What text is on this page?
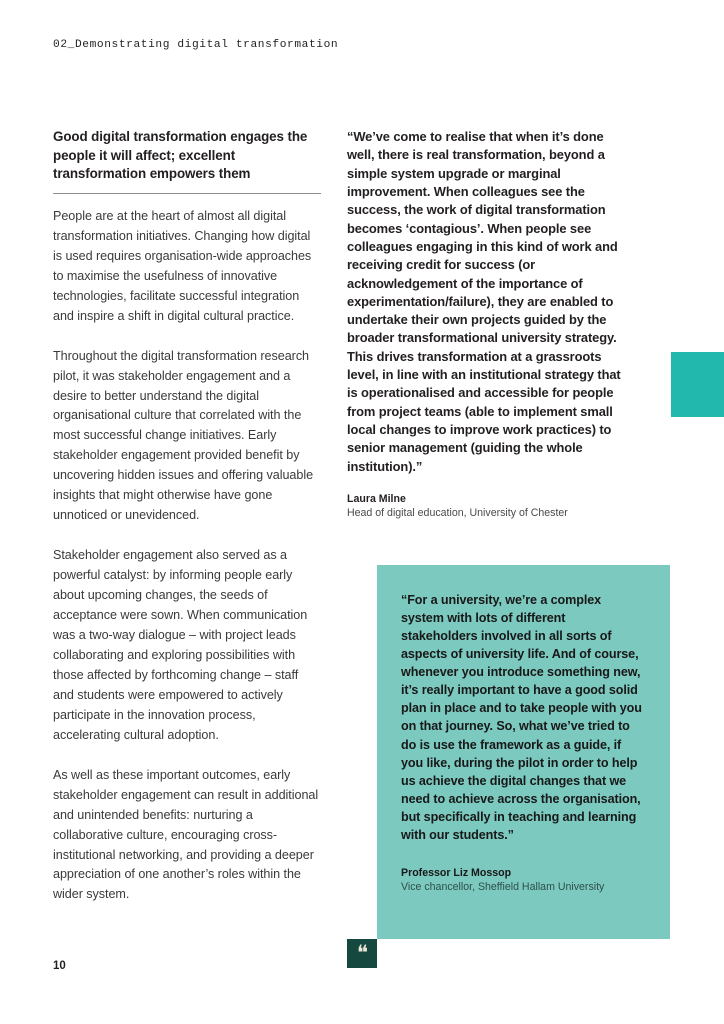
02_Demonstrating digital transformation
Good digital transformation engages the people it will affect; excellent transformation empowers them

People are at the heart of almost all digital transformation initiatives. Changing how digital is used requires organisation-wide approaches to maximise the usefulness of innovative technologies, facilitate successful integration and inspire a shift in digital cultural practice.

Throughout the digital transformation research pilot, it was stakeholder engagement and a desire to better understand the digital organisational culture that correlated with the most successful change initiatives. Early stakeholder engagement provided benefit by uncovering hidden issues and offering valuable insights that might otherwise have gone unnoticed or unevidenced.

Stakeholder engagement also served as a powerful catalyst: by informing people early about upcoming changes, the seeds of acceptance were sown. When communication was a two-way dialogue – with project leads collaborating and exploring possibilities with those affected by forthcoming change – staff and students were empowered to actively participate in the innovation process, accelerating cultural adoption.

As well as these important outcomes, early stakeholder engagement can result in additional and unintended benefits: nurturing a collaborative culture, encouraging cross-institutional networking, and providing a deeper appreciation of one another’s roles within the wider system.

“We’ve come to realise that when it’s done well, there is real transformation, beyond a simple system upgrade or marginal improvement. When colleagues see the success, the work of digital transformation becomes ‘contagious’. When people see colleagues engaging in this kind of work and receiving credit for success (or acknowledgement of the importance of experimentation/failure), they are enabled to undertake their own projects guided by the broader transformational university strategy. This drives transformation at a grassroots level, in line with an institutional strategy that is operationalised and accessible for people from project teams (able to implement small local changes to improve work practices) to senior management (guiding the whole institution).”

Laura Milne
Head of digital education, University of Chester

“For a university, we’re a complex system with lots of different stakeholders involved in all sorts of aspects of university life. And of course, whenever you introduce something new, it’s really important to have a good solid plan in place and to take people with you on that journey. So, what we’ve tried to do is use the framework as a guide, if you like, during the pilot in order to help us achieve the digital changes that we need to achieve across the organisation, but specifically in teaching and learning with our students.”

Professor Liz Mossop
Vice chancellor, Sheffield Hallam University
❝
10
